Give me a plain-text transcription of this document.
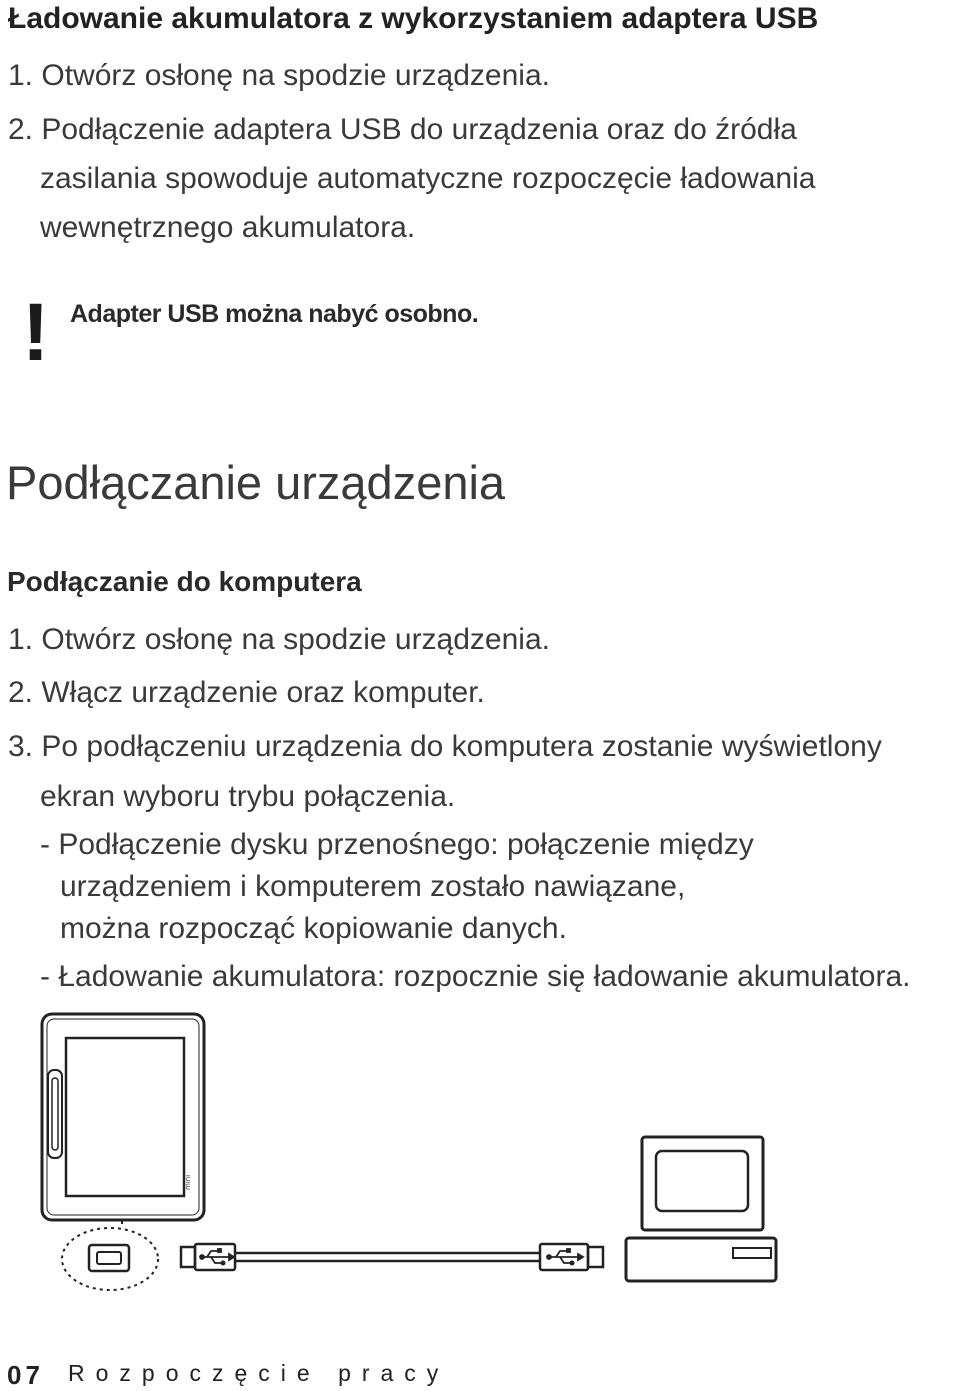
Ładowanie akumulatora z wykorzystaniem adaptera USB
1. Otwórz osłonę na spodzie urządzenia.
2. Podłączenie adaptera USB do urządzenia oraz do źródła
zasilania spowoduje automatyczne rozpoczęcie ładowania
wewnętrznego akumulatora.
! Adapter USB można nabyć osobno.
Podłączanie urządzenia
Podłączanie do komputera
1. Otwórz osłonę na spodzie urządzenia.
2. Włącz urządzenie oraz komputer.
3. Po podłączeniu urządzenia do komputera zostanie wyświetlony
ekran wyboru trybu połączenia.
- Podłączenie dysku przenośnego: połączenie między
urządzeniem i komputerem zostało nawiązane,
można rozpocząć kopiowanie danych.
- Ładowanie akumulatora: rozpocznie się ładowanie akumulatora.
mini
07 Rozpoczęcie pracy
